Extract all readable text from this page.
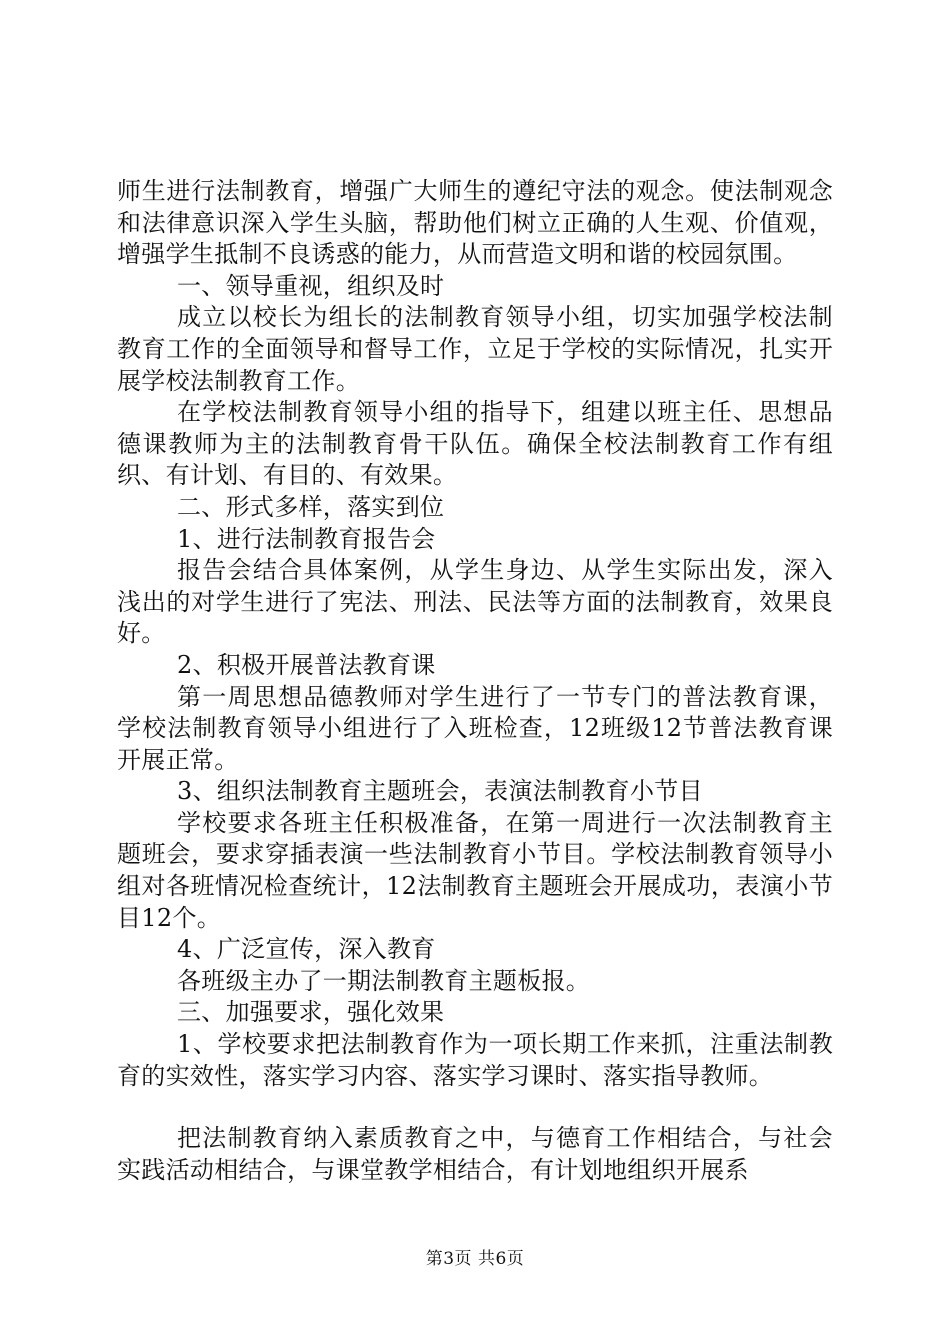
师生进行法制教育，增强广大师生的遵纪守法的观念。使法制观念和法律意识深入学生头脑，帮助他们树立正确的人生观、价值观，增强学生抵制不良诱惑的能力，从而营造文明和谐的校园氛围。

一、领导重视，组织及时

成立以校长为组长的法制教育领导小组，切实加强学校法制教育工作的全面领导和督导工作，立足于学校的实际情况，扎实开展学校法制教育工作。

在学校法制教育领导小组的指导下，组建以班主任、思想品德课教师为主的法制教育骨干队伍。确保全校法制教育工作有组织、有计划、有目的、有效果。

二、形式多样，落实到位

1、进行法制教育报告会

报告会结合具体案例，从学生身边、从学生实际出发，深入浅出的对学生进行了宪法、刑法、民法等方面的法制教育，效果良好。

2、积极开展普法教育课

第一周思想品德教师对学生进行了一节专门的普法教育课，学校法制教育领导小组进行了入班检查，12班级12节普法教育课开展正常。

3、组织法制教育主题班会，表演法制教育小节目

学校要求各班主任积极准备，在第一周进行一次法制教育主题班会，要求穿插表演一些法制教育小节目。学校法制教育领导小组对各班情况检查统计，12法制教育主题班会开展成功，表演小节目12个。

4、广泛宣传，深入教育

各班级主办了一期法制教育主题板报。

三、加强要求，强化效果

1、学校要求把法制教育作为一项长期工作来抓，注重法制教育的实效性，落实学习内容、落实学习课时、落实指导教师。

把法制教育纳入素质教育之中，与德育工作相结合，与社会实践活动相结合，与课堂教学相结合，有计划地组织开展系

第3页 共6页
